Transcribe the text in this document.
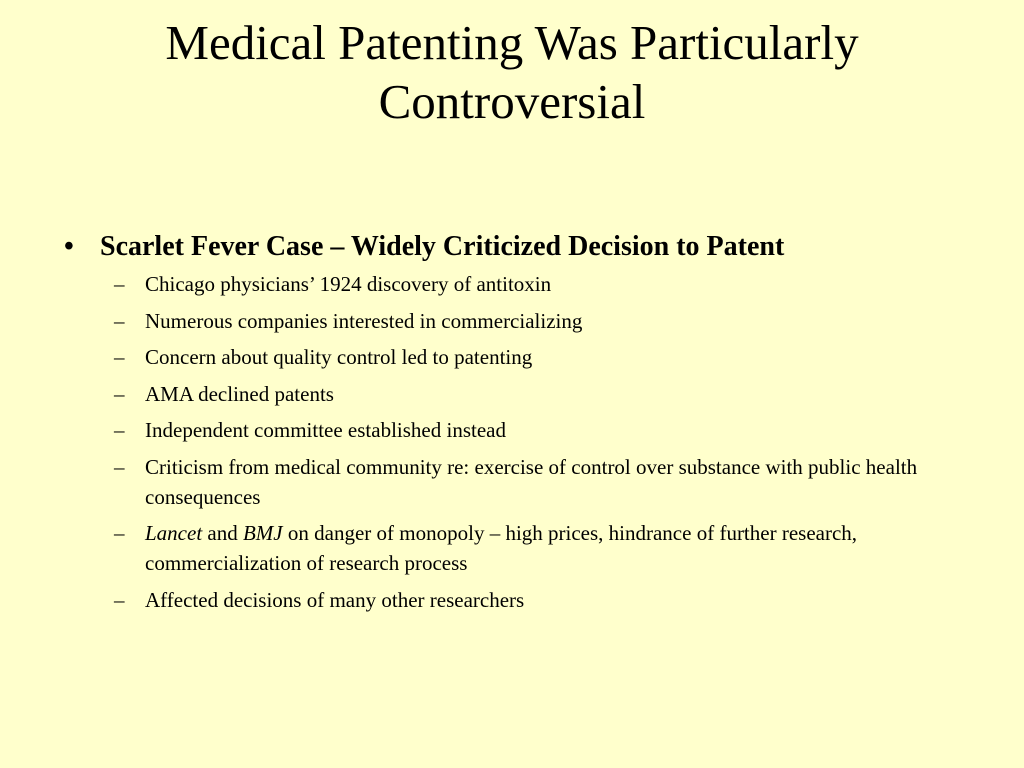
Medical Patenting Was Particularly
Controversial
• Scarlet Fever Case – Widely Criticized Decision to Patent
– Chicago physicians’ 1924 discovery of antitoxin
– Numerous companies interested in commercializing
– Concern about quality control led to patenting
– AMA declined patents
– Independent committee established instead
– Criticism from medical community re: exercise of control over substance with public health consequences
– Lancet and BMJ on danger of monopoly – high prices, hindrance of further research, commercialization of research process
– Affected decisions of many other researchers
